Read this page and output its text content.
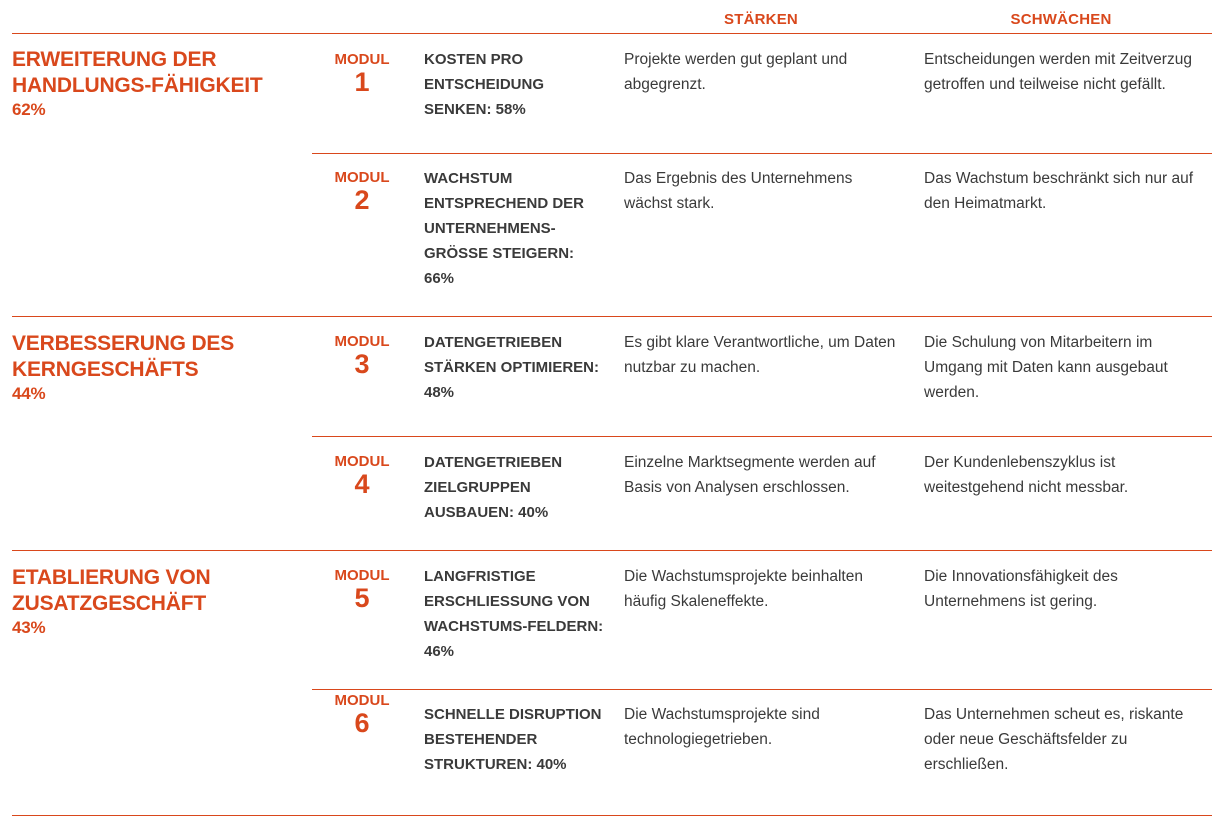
STÄRKEN	SCHWÄCHEN
ERWEITERUNG DER HANDLUNGS-FÄHIGKEIT
62%
MODUL
1
KOSTEN PRO ENTSCHEIDUNG SENKEN: 58%
Projekte werden gut geplant und abgegrenzt.
Entscheidungen werden mit Zeitverzug getroffen und teilweise nicht gefällt.
MODUL
2
WACHSTUM ENTSPRECHEND DER UNTERNEHMENS-GRÖSSE STEIGERN: 66%
Das Ergebnis des Unternehmens wächst stark.
Das Wachstum beschränkt sich nur auf den Heimatmarkt.
VERBESSERUNG DES KERNGESCHÄFTS
44%
MODUL
3
DATENGETRIEBEN STÄRKEN OPTIMIEREN: 48%
Es gibt klare Verantwortliche, um Daten nutzbar zu machen.
Die Schulung von Mitarbeitern im Umgang mit Daten kann ausgebaut werden.
MODUL
4
DATENGETRIEBEN ZIELGRUPPEN AUSBAUEN: 40%
Einzelne Marktsegmente werden auf Basis von Analysen erschlossen.
Der Kundenlebenszyklus ist weitestgehend nicht messbar.
ETABLIERUNG VON ZUSATZGESCHÄFT
43%
MODUL
5
LANGFRISTIGE ERSCHLIESSUNG VON WACHSTUMS-FELDERN: 46%
Die Wachstumsprojekte beinhalten häufig Skaleneffekte.
Die Innovationsfähigkeit des Unternehmens ist gering.
MODUL
6	SCHNELLE DISRUPTION BESTEHENDER STRUKTUREN: 40%
Die Wachstumsprojekte sind technologiegetrieben.
Das Unternehmen scheut es, riskante oder neue Geschäftsfelder zu erschließen.
